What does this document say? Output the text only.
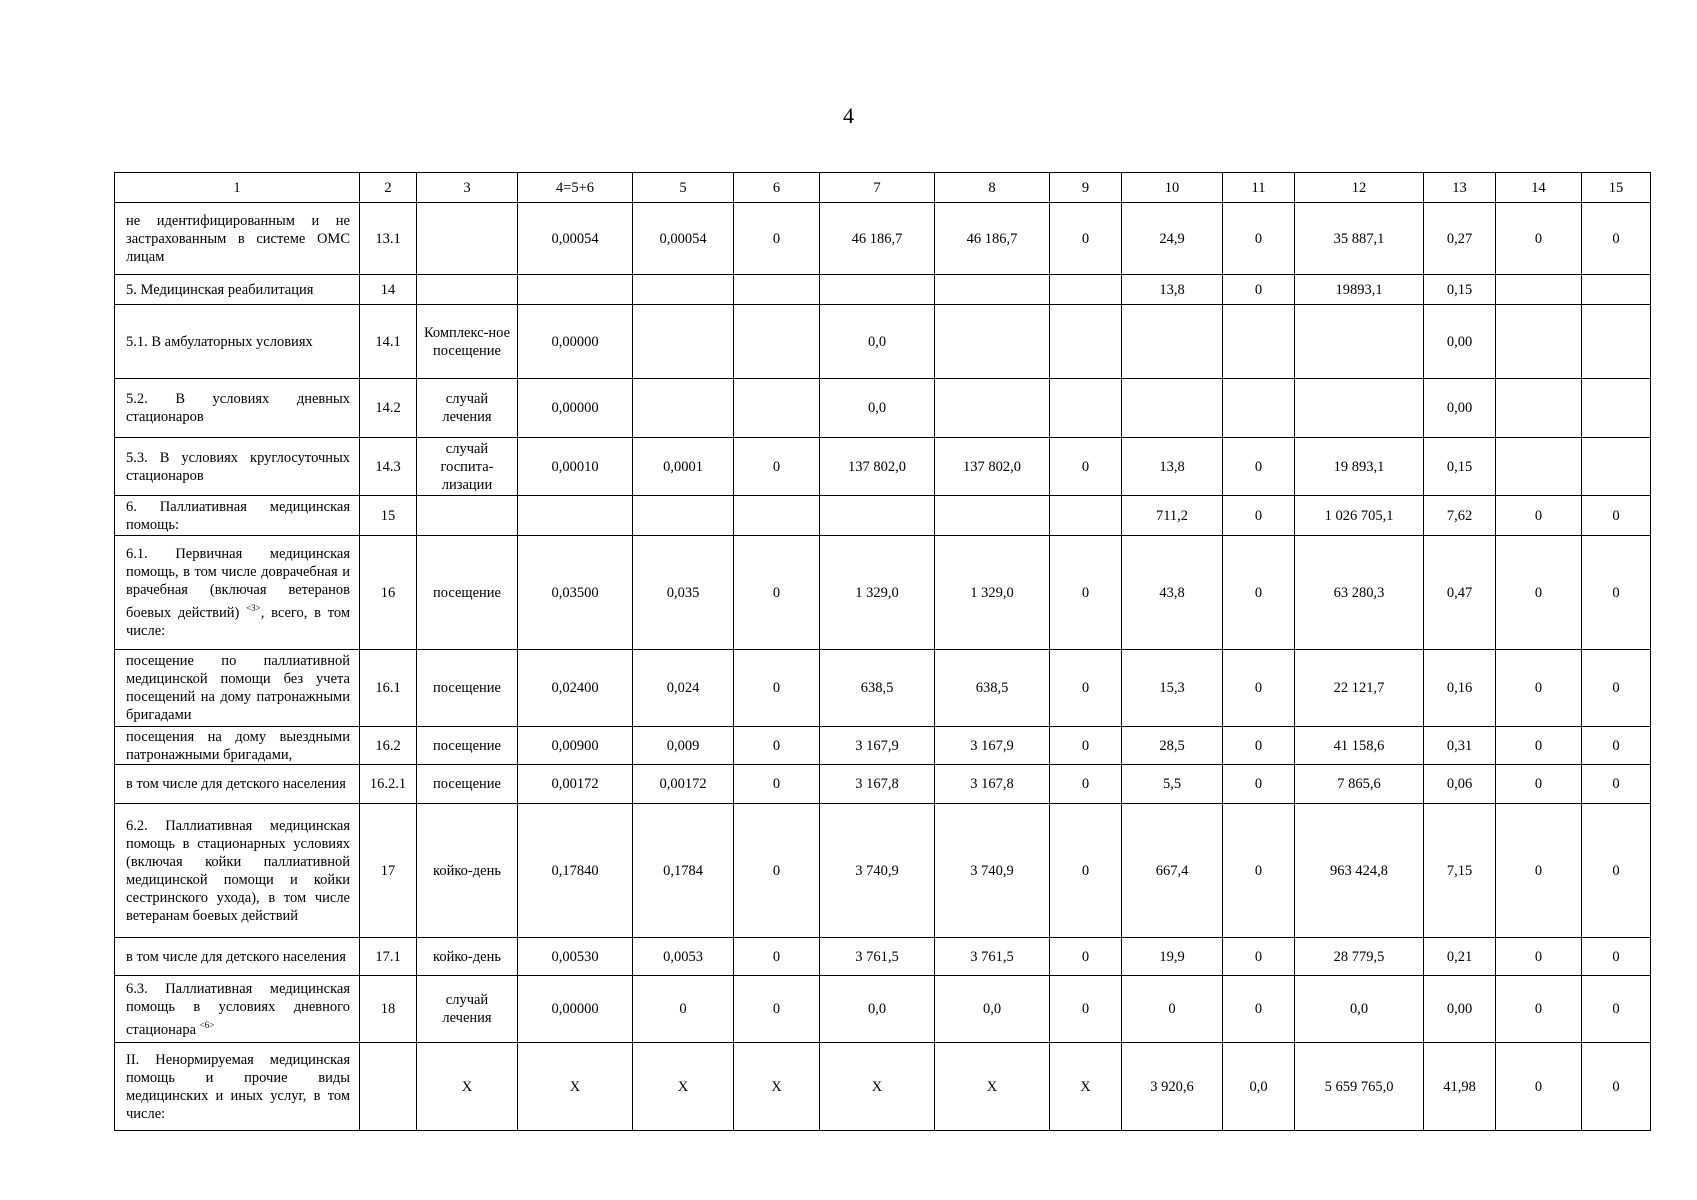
4
1	2	3	4=5+6	5	6	7	8	9	10	11	12	13	14	15
не идентифицированным и не застрахованным в системе ОМС лицам	13.1		0,00054	0,00054	0	46 186,7	46 186,7	0	24,9	0	35 887,1	0,27	0	0
5. Медицинская реабилитация	14								13,8	0	19893,1	0,15		
5.1. В амбулаторных условиях	14.1	Комплекс-ное посещение	0,00000			0,0						0,00		
5.2. В условиях дневных стационаров	14.2	случай лечения	0,00000			0,0						0,00		
5.3. В условиях круглосуточных стационаров	14.3	случай госпита-лизации	0,00010	0,0001	0	137 802,0	137 802,0	0	13,8	0	19 893,1	0,15		
6. Паллиативная медицинская помощь:	15								711,2	0	1 026 705,1	7,62	0	0
6.1. Первичная медицинская помощь, в том числе доврачебная и врачебная (включая ветеранов боевых действий) $^{<3>}$, всего, в том числе:	16	посещение	0,03500	0,035	0	1 329,0	1 329,0	0	43,8	0	63 280,3	0,47	0	0
посещение по паллиативной медицинской помощи без учета посещений на дому патронажными бригадами	16.1	посещение	0,02400	0,024	0	638,5	638,5	0	15,3	0	22 121,7	0,16	0	0
посещения на дому выездными патронажными бригадами,	16.2	посещение	0,00900	0,009	0	3 167,9	3 167,9	0	28,5	0	41 158,6	0,31	0	0
в том числе для детского населения	16.2.1	посещение	0,00172	0,00172	0	3 167,8	3 167,8	0	5,5	0	7 865,6	0,06	0	0
6.2. Паллиативная медицинская помощь в стационарных условиях (включая койки паллиативной медицинской помощи и койки сестринского ухода), в том числе ветеранам боевых действий	17	койко-день	0,17840	0,1784	0	3 740,9	3 740,9	0	667,4	0	963 424,8	7,15	0	0
в том числе для детского населения	17.1	койко-день	0,00530	0,0053	0	3 761,5	3 761,5	0	19,9	0	28 779,5	0,21	0	0
6.3. Паллиативная медицинская помощь в условиях дневного стационара $^{<6>}$	18	случай лечения	0,00000	0	0	0,0	0,0	0	0	0	0,0	0,00	0	0
II. Ненормируемая медицинская помощь и прочие виды медицинских и иных услуг, в том числе:		X	X	X	X	X	X	X	3 920,6	0,0	5 659 765,0	41,98	0	0
